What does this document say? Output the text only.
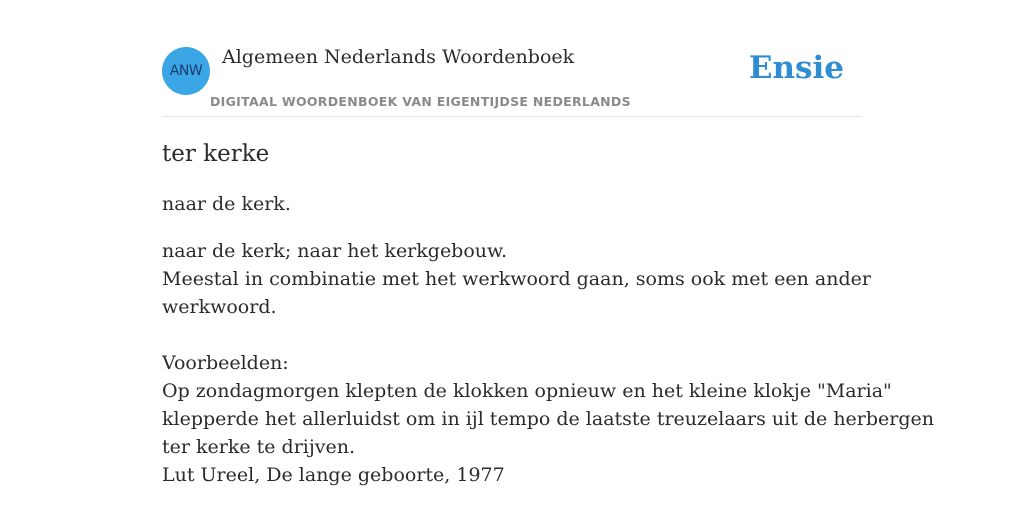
ANW
Algemeen Nederlands Woordenboek
DIGITAAL WOORDENBOEK VAN EIGENTIJDSE NEDERLANDS
Ensie
ter kerke
naar de kerk.
naar de kerk; naar het kerkgebouw.
Meestal in combinatie met het werkwoord gaan, soms ook met een ander
werkwoord.
Voorbeelden:
Op zondagmorgen klepten de klokken opnieuw en het kleine klokje "Maria"
klepperde het allerluidst om in ijl tempo de laatste treuzelaars uit de herbergen
ter kerke te drijven.
Lut Ureel, De lange geboorte, 1977
